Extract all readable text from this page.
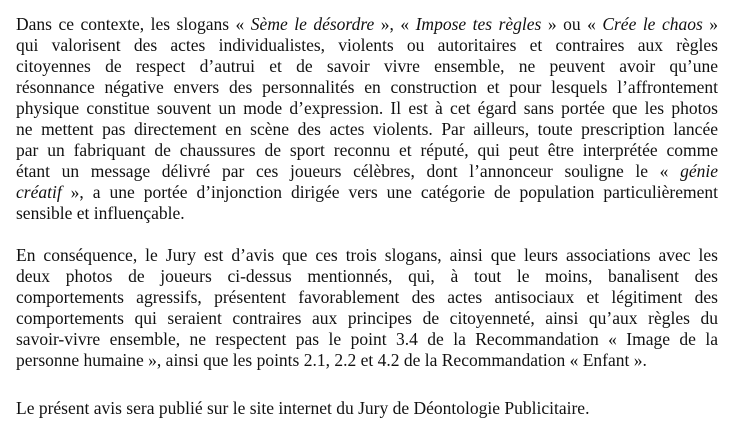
Dans ce contexte, les slogans « Sème le désordre », « Impose tes règles » ou « Crée le chaos »
qui valorisent des actes individualistes, violents ou autoritaires et contraires aux règles
citoyennes de respect d’autrui et de savoir vivre ensemble, ne peuvent avoir qu’une
résonnance négative envers des personnalités en construction et pour lesquels l’affrontement
physique constitue souvent un mode d’expression. Il est à cet égard sans portée que les photos
ne mettent pas directement en scène des actes violents. Par ailleurs, toute prescription lancée
par un fabriquant de chaussures de sport reconnu et réputé, qui peut être interprétée comme
étant un message délivré par ces joueurs célèbres, dont l’annonceur souligne le « génie
créatif », a une portée d’injonction dirigée vers une catégorie de population particulièrement
sensible et influençable.
En conséquence, le Jury est d’avis que ces trois slogans, ainsi que leurs associations avec les
deux photos de joueurs ci-dessus mentionnés, qui, à tout le moins, banalisent des
comportements agressifs, présentent favorablement des actes antisociaux et légitiment des
comportements qui seraient contraires aux principes de citoyenneté, ainsi qu’aux règles du
savoir-vivre ensemble, ne respectent pas le point 3.4 de la Recommandation « Image de la
personne humaine », ainsi que les points 2.1, 2.2 et 4.2 de la Recommandation « Enfant ».
Le présent avis sera publié sur le site internet du Jury de Déontologie Publicitaire.
